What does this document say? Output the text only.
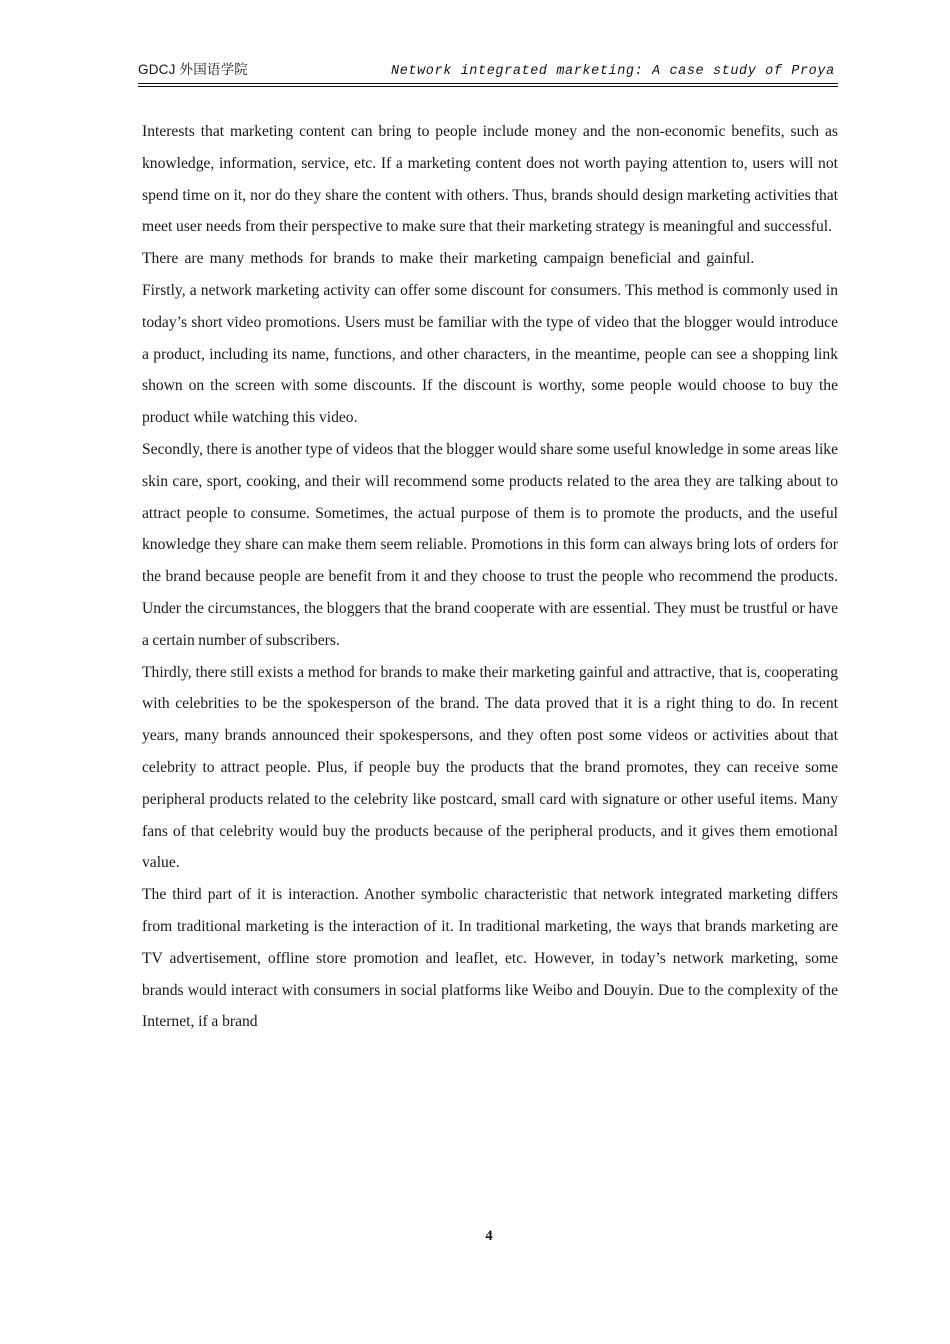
GDCJ 外国语学院	Network integrated marketing: A case study of Proya

Interests that marketing content can bring to people include money and the non-economic benefits, such as knowledge, information, service, etc. If a marketing content does not worth paying attention to, users will not spend time on it, nor do they share the content with others. Thus, brands should design marketing activities that meet user needs from their perspective to make sure that their marketing strategy is meaningful and successful.

There are many methods for brands to make their marketing campaign beneficial and gainful.

Firstly, a network marketing activity can offer some discount for consumers. This method is commonly used in today’s short video promotions. Users must be familiar with the type of video that the blogger would introduce a product, including its name, functions, and other characters, in the meantime, people can see a shopping link shown on the screen with some discounts. If the discount is worthy, some people would choose to buy the product while watching this video.

Secondly, there is another type of videos that the blogger would share some useful knowledge in some areas like skin care, sport, cooking, and their will recommend some products related to the area they are talking about to attract people to consume. Sometimes, the actual purpose of them is to promote the products, and the useful knowledge they share can make them seem reliable. Promotions in this form can always bring lots of orders for the brand because people are benefit from it and they choose to trust the people who recommend the products. Under the circumstances, the bloggers that the brand cooperate with are essential. They must be trustful or have a certain number of subscribers.

Thirdly, there still exists a method for brands to make their marketing gainful and attractive, that is, cooperating with celebrities to be the spokesperson of the brand. The data proved that it is a right thing to do. In recent years, many brands announced their spokespersons, and they often post some videos or activities about that celebrity to attract people. Plus, if people buy the products that the brand promotes, they can receive some peripheral products related to the celebrity like postcard, small card with signature or other useful items. Many fans of that celebrity would buy the products because of the peripheral products, and it gives them emotional value.

The third part of it is interaction. Another symbolic characteristic that network integrated marketing differs from traditional marketing is the interaction of it. In traditional marketing, the ways that brands marketing are TV advertisement, offline store promotion and leaflet, etc. However, in today’s network marketing, some brands would interact with consumers in social platforms like Weibo and Douyin. Due to the complexity of the Internet, if a brand

4
